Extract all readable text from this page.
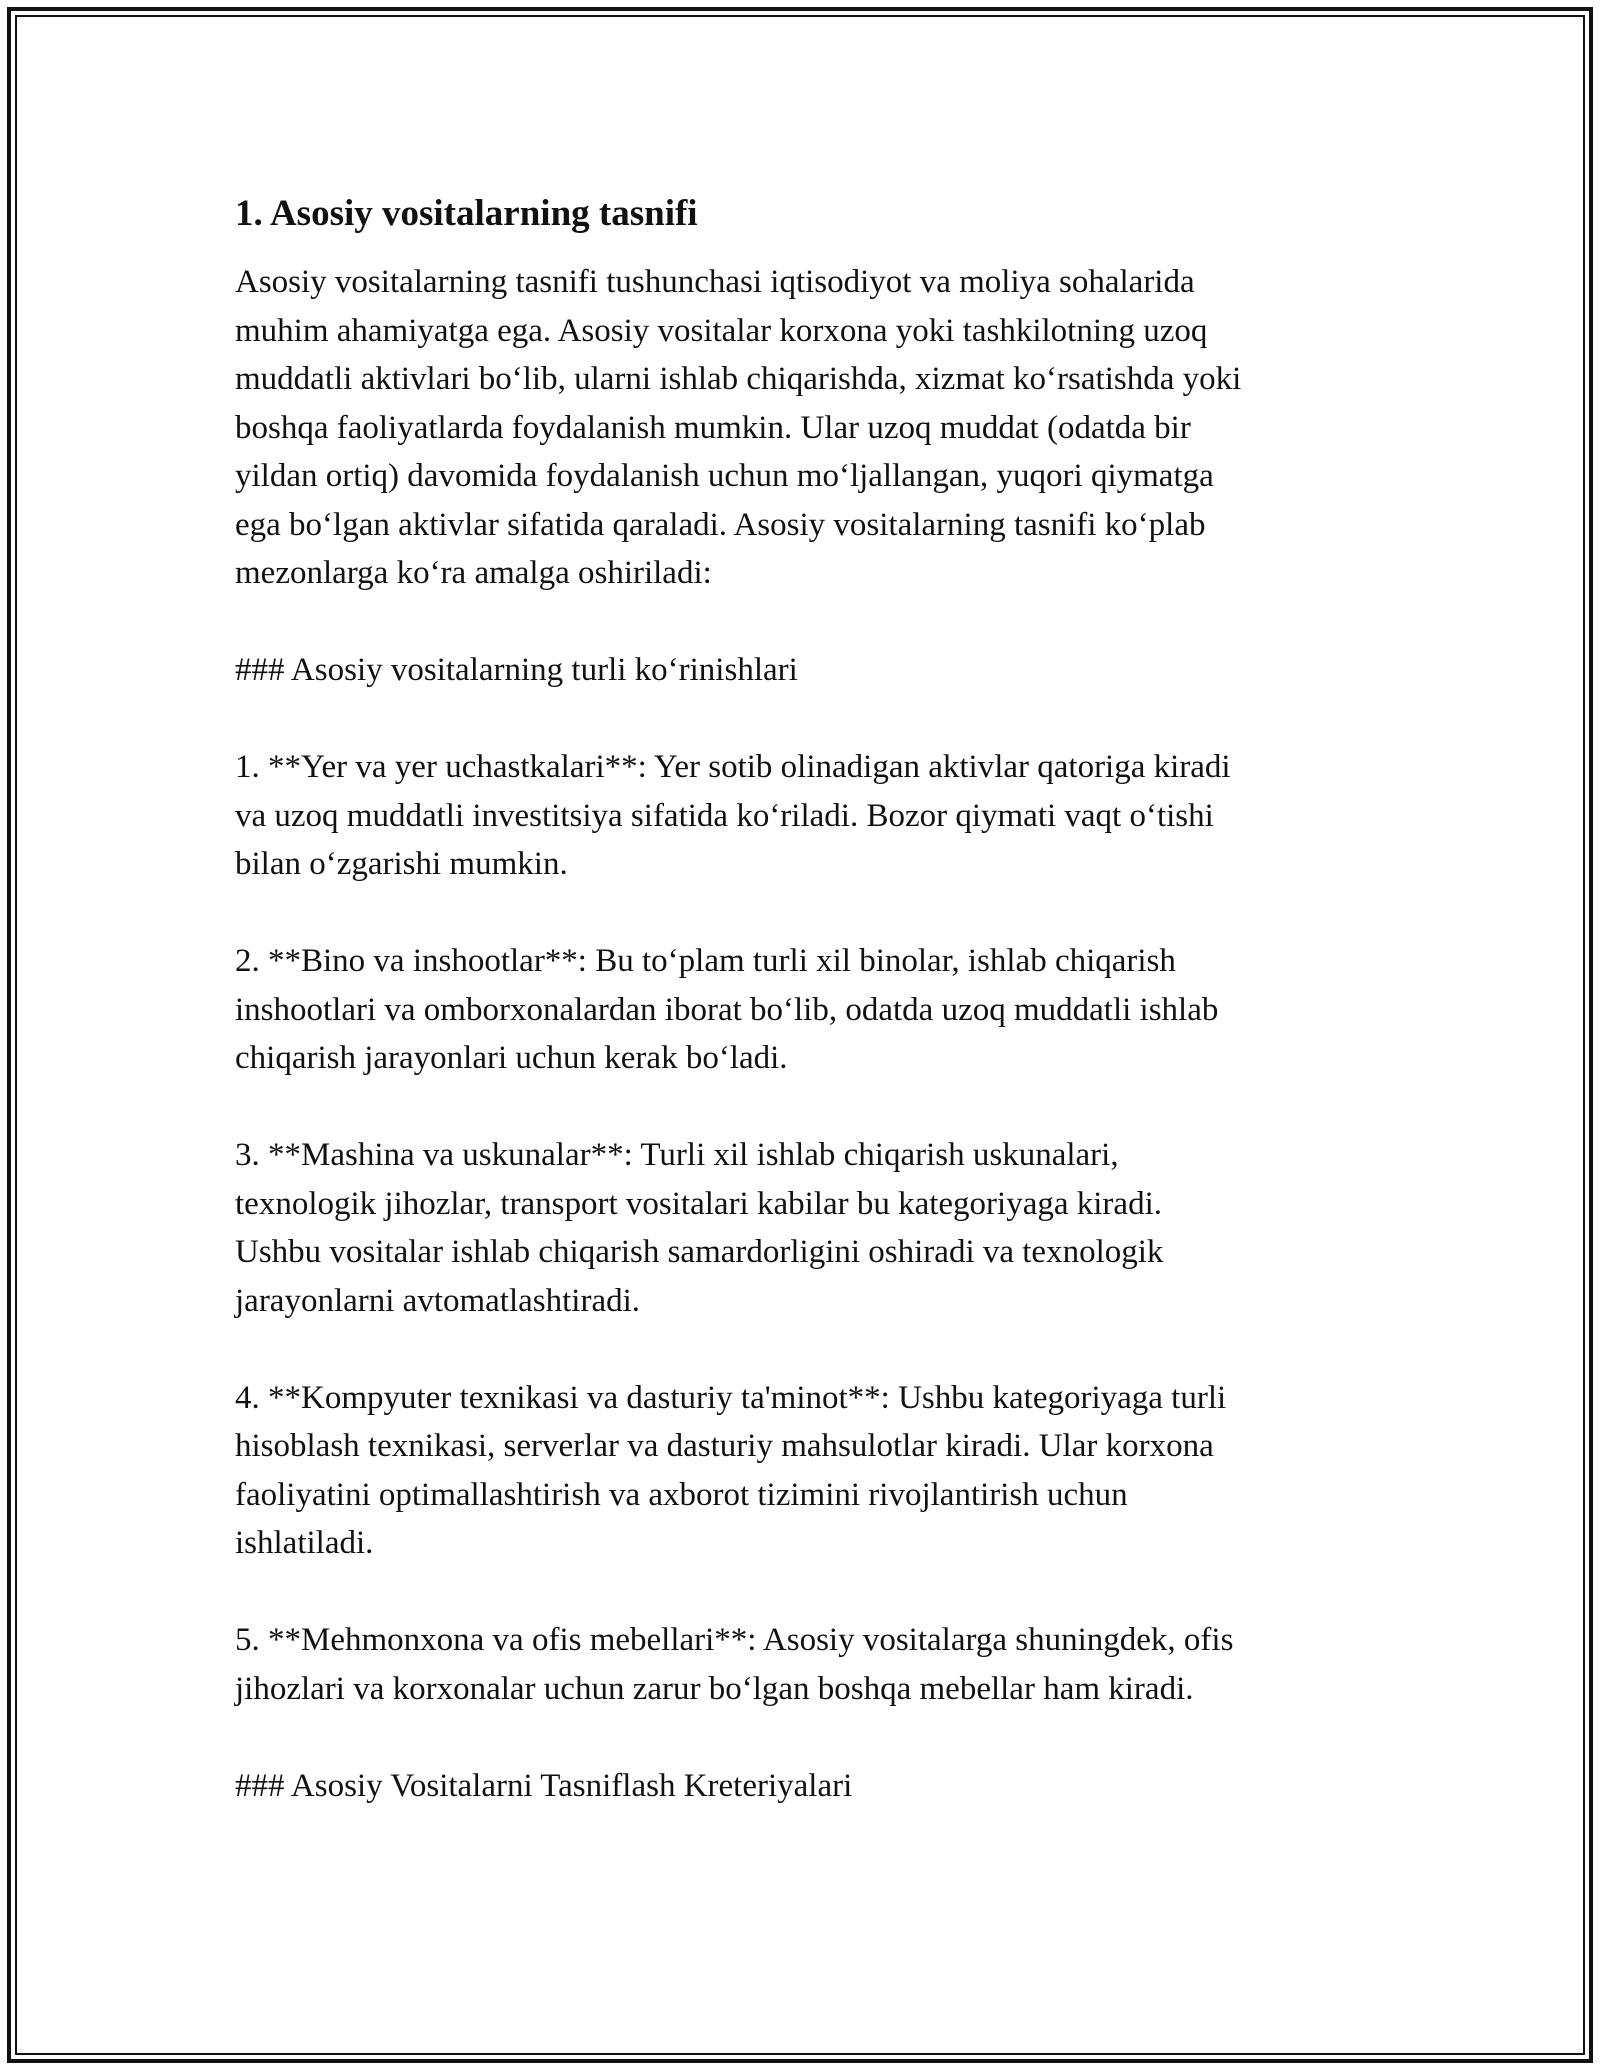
1. Asosiy vositalarning tasnifi

Asosiy vositalarning tasnifi tushunchasi iqtisodiyot va moliya sohalarida
muhim ahamiyatga ega. Asosiy vositalar korxona yoki tashkilotning uzoq
muddatli aktivlari bo‘lib, ularni ishlab chiqarishda, xizmat ko‘rsatishda yoki
boshqa faoliyatlarda foydalanish mumkin. Ular uzoq muddat (odatda bir
yildan ortiq) davomida foydalanish uchun mo‘ljallangan, yuqori qiymatga
ega bo‘lgan aktivlar sifatida qaraladi. Asosiy vositalarning tasnifi ko‘plab
mezonlarga ko‘ra amalga oshiriladi:

### Asosiy vositalarning turli ko‘rinishlari

1. **Yer va yer uchastkalari**: Yer sotib olinadigan aktivlar qatoriga kiradi
va uzoq muddatli investitsiya sifatida ko‘riladi. Bozor qiymati vaqt o‘tishi
bilan o‘zgarishi mumkin.

2. **Bino va inshootlar**: Bu to‘plam turli xil binolar, ishlab chiqarish
inshootlari va omborxonalardan iborat bo‘lib, odatda uzoq muddatli ishlab
chiqarish jarayonlari uchun kerak bo‘ladi.

3. **Mashina va uskunalar**: Turli xil ishlab chiqarish uskunalari,
texnologik jihozlar, transport vositalari kabilar bu kategoriyaga kiradi.
Ushbu vositalar ishlab chiqarish samardorligini oshiradi va texnologik
jarayonlarni avtomatlashtiradi.

4. **Kompyuter texnikasi va dasturiy ta'minot**: Ushbu kategoriyaga turli
hisoblash texnikasi, serverlar va dasturiy mahsulotlar kiradi. Ular korxona
faoliyatini optimallashtirish va axborot tizimini rivojlantirish uchun
ishlatiladi.

5. **Mehmonxona va ofis mebellari**: Asosiy vositalarga shuningdek, ofis
jihozlari va korxonalar uchun zarur bo‘lgan boshqa mebellar ham kiradi.

### Asosiy Vositalarni Tasniflash Kreteriyalari
